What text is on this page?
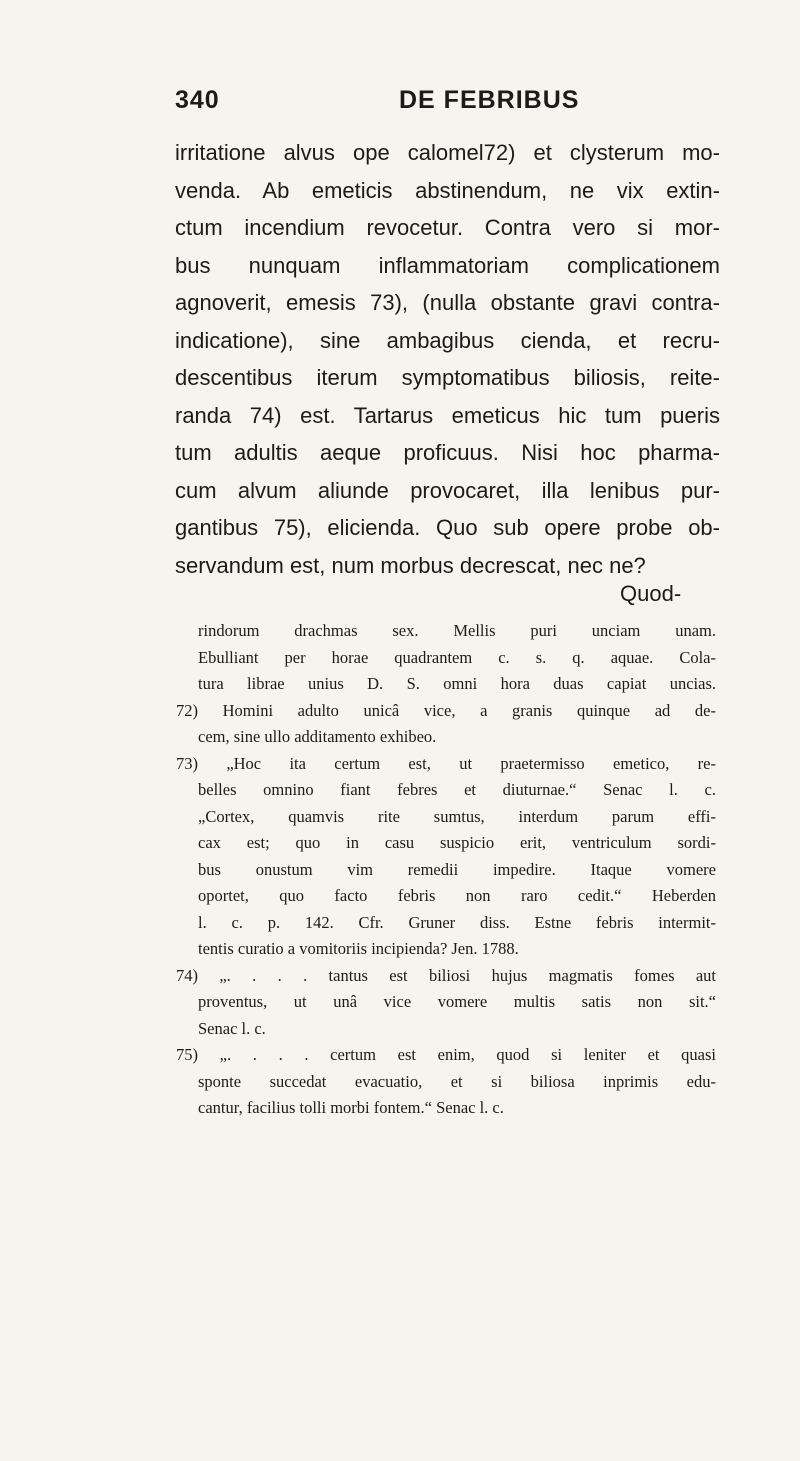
340	DE FEBRIBUS
irritatione alvus ope calomel72) et clysterum mo-
venda. Ab emeticis abstinendum, ne vix extin-
ctum incendium revocetur. Contra vero si mor-
bus nunquam inflammatoriam complicationem
agnoverit, emesis 73), (nulla obstante gravi contra-
indicatione), sine ambagibus cienda, et recru-
descentibus iterum symptomatibus biliosis, reite-
randa 74) est. Tartarus emeticus hic tum pueris
tum adultis aeque proficuus. Nisi hoc pharma-
cum alvum aliunde provocaret, illa lenibus pur-
gantibus 75), elicienda. Quo sub opere probe ob-
servandum est, num morbus decrescat, nec ne?
Quod-
rindorum drachmas sex. Mellis puri unciam unam.
Ebulliant per horae quadrantem c. s. q. aquae. Cola-
tura librae unius D. S. omni hora duas capiat uncias.
72) Homini adulto unicâ vice, a granis quinque ad de-
cem, sine ullo additamento exhibeo.
73) „Hoc ita certum est, ut praetermisso emetico, re-
belles omnino fiant febres et diuturnae.“ Senac l. c.
„Cortex, quamvis rite sumtus, interdum parum effi-
cax est; quo in casu suspicio erit, ventriculum sordi-
bus onustum vim remedii impedire. Itaque vomere
oportet, quo facto febris non raro cedit.“ Heberden
l. c. p. 142. Cfr. Gruner diss. Estne febris intermit-
tentis curatio a vomitoriis incipienda? Jen. 1788.
74) „. . . . tantus est biliosi hujus magmatis fomes aut
proventus, ut unâ vice vomere multis satis non sit.“
Senac l. c.
75) „. . . . certum est enim, quod si leniter et quasi
sponte succedat evacuatio, et si biliosa inprimis edu-
cantur, facilius tolli morbi fontem.“ Senac l. c.
